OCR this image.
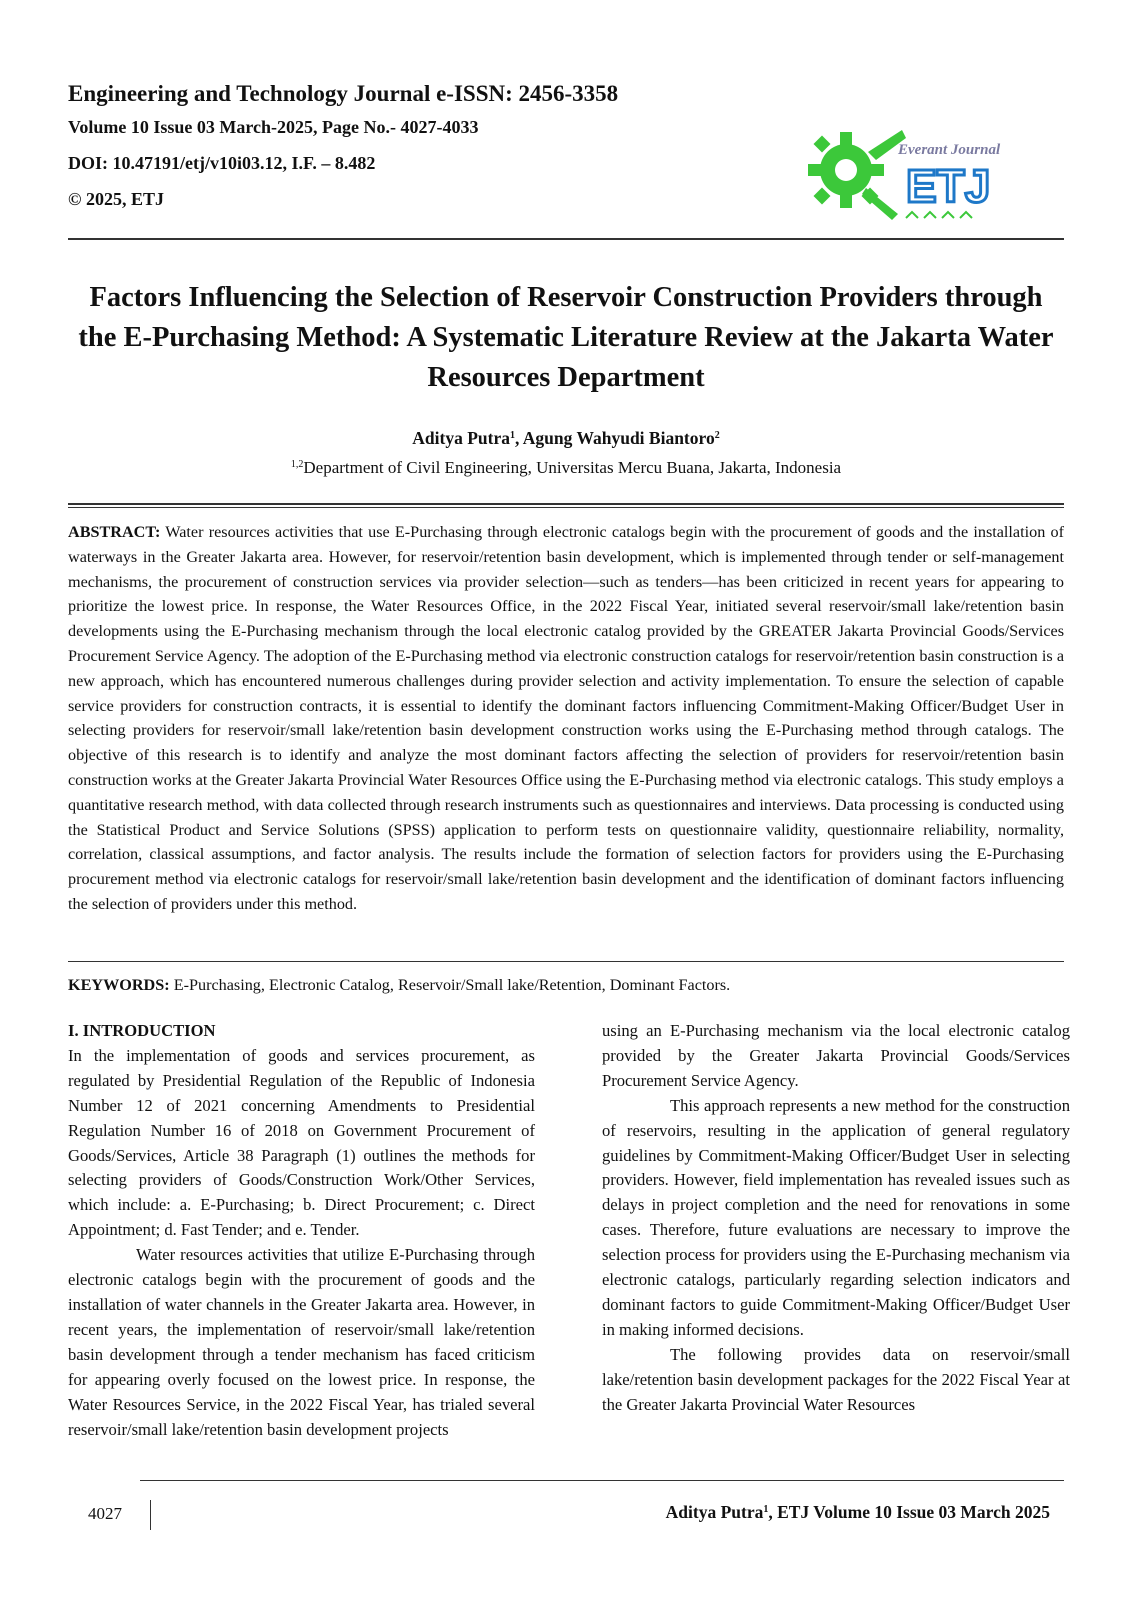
Engineering and Technology Journal e-ISSN: 2456-3358
Volume 10 Issue 03 March-2025, Page No.- 4027-4033
DOI: 10.47191/etj/v10i03.12, I.F. – 8.482
© 2025, ETJ
Everant Journal
ETJ
Factors Influencing the Selection of Reservoir Construction Providers through the E-Purchasing Method: A Systematic Literature Review at the Jakarta Water Resources Department
Aditya Putra$^1$, Agung Wahyudi Biantoro$^2$
$^{1,2}$Department of Civil Engineering, Universitas Mercu Buana, Jakarta, Indonesia
ABSTRACT: Water resources activities that use E-Purchasing through electronic catalogs begin with the procurement of goods and the installation of waterways in the Greater Jakarta area. However, for reservoir/retention basin development, which is implemented through tender or self-management mechanisms, the procurement of construction services via provider selection—such as tenders—has been criticized in recent years for appearing to prioritize the lowest price. In response, the Water Resources Office, in the 2022 Fiscal Year, initiated several reservoir/small lake/retention basin developments using the E-Purchasing mechanism through the local electronic catalog provided by the GREATER Jakarta Provincial Goods/Services Procurement Service Agency. The adoption of the E-Purchasing method via electronic construction catalogs for reservoir/retention basin construction is a new approach, which has encountered numerous challenges during provider selection and activity implementation. To ensure the selection of capable service providers for construction contracts, it is essential to identify the dominant factors influencing Commitment-Making Officer/Budget User in selecting providers for reservoir/small lake/retention basin development construction works using the E-Purchasing method through catalogs. The objective of this research is to identify and analyze the most dominant factors affecting the selection of providers for reservoir/retention basin construction works at the Greater Jakarta Provincial Water Resources Office using the E-Purchasing method via electronic catalogs. This study employs a quantitative research method, with data collected through research instruments such as questionnaires and interviews. Data processing is conducted using the Statistical Product and Service Solutions (SPSS) application to perform tests on questionnaire validity, questionnaire reliability, normality, correlation, classical assumptions, and factor analysis. The results include the formation of selection factors for providers using the E-Purchasing procurement method via electronic catalogs for reservoir/small lake/retention basin development and the identification of dominant factors influencing the selection of providers under this method.
KEYWORDS: E-Purchasing, Electronic Catalog, Reservoir/Small lake/Retention, Dominant Factors.

I. INTRODUCTION

In the implementation of goods and services procurement, as regulated by Presidential Regulation of the Republic of Indonesia Number 12 of 2021 concerning Amendments to Presidential Regulation Number 16 of 2018 on Government Procurement of Goods/Services, Article 38 Paragraph (1) outlines the methods for selecting providers of Goods/Construction Work/Other Services, which include: a. E-Purchasing; b. Direct Procurement; c. Direct Appointment; d. Fast Tender; and e. Tender.

Water resources activities that utilize E-Purchasing through electronic catalogs begin with the procurement of goods and the installation of water channels in the Greater Jakarta area. However, in recent years, the implementation of reservoir/small lake/retention basin development through a tender mechanism has faced criticism for appearing overly focused on the lowest price. In response, the Water Resources Service, in the 2022 Fiscal Year, has trialed several reservoir/small lake/retention basin development projects

using an E-Purchasing mechanism via the local electronic catalog provided by the Greater Jakarta Provincial Goods/Services Procurement Service Agency.

This approach represents a new method for the construction of reservoirs, resulting in the application of general regulatory guidelines by Commitment-Making Officer/Budget User in selecting providers. However, field implementation has revealed issues such as delays in project completion and the need for renovations in some cases. Therefore, future evaluations are necessary to improve the selection process for providers using the E-Purchasing mechanism via electronic catalogs, particularly regarding selection indicators and dominant factors to guide Commitment-Making Officer/Budget User in making informed decisions.

The following provides data on reservoir/small lake/retention basin development packages for the 2022 Fiscal Year at the Greater Jakarta Provincial Water Resources

4027	Aditya Putra$^1$, ETJ Volume 10 Issue 03 March 2025
